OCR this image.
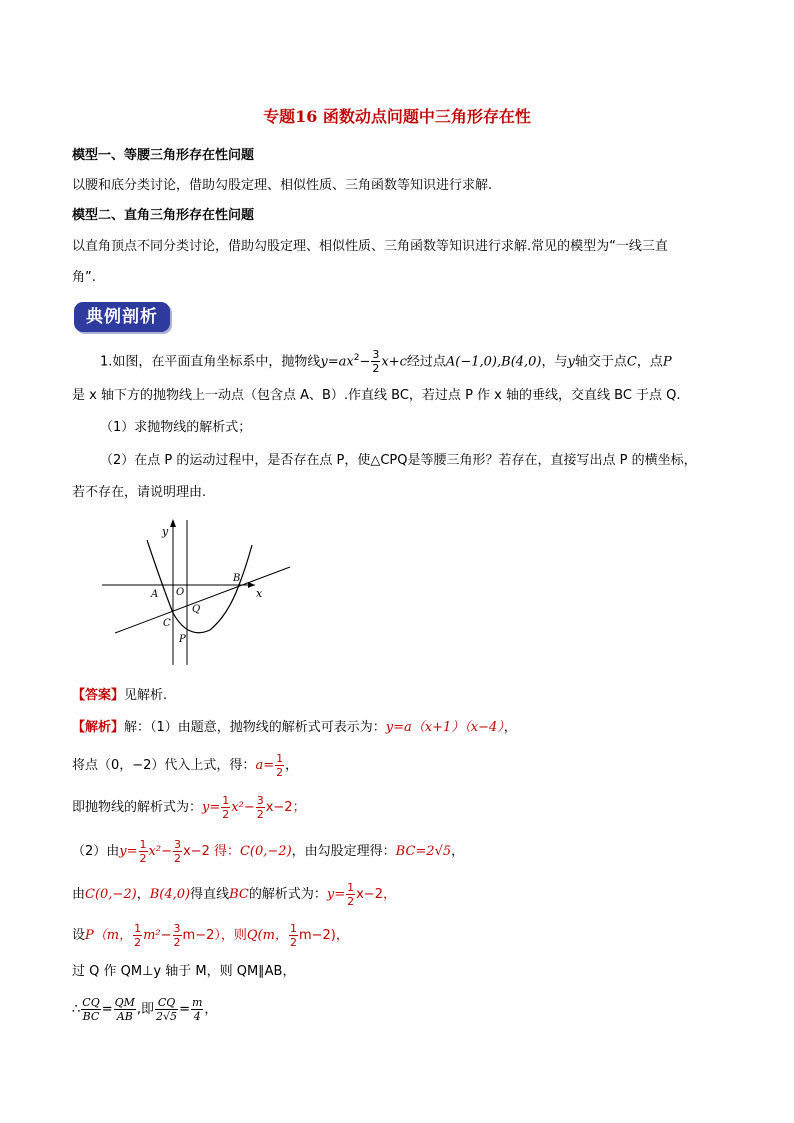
专题16 函数动点问题中三角形存在性
模型一、等腰三角形存在性问题
以腰和底分类讨论，借助勾股定理、相似性质、三角函数等知识进行求解.
模型二、直角三角形存在性问题
以直角顶点不同分类讨论，借助勾股定理、相似性质、三角函数等知识进行求解.常见的模型为“一线三直
角”.
典例剖析
1.如图，在平面直角坐标系中，抛物线$y=ax^2- \frac{3}{2} x+c$经过点A(−1,0),B(4,0)，与y轴交于点C，点P
是 x 轴下方的抛物线上一动点（包含点 A、B）.作直线 BC，若过点 P 作 x 轴的垂线，交直线 BC 于点 Q.
（1）求抛物线的解析式；
（2）在点 P 的运动过程中，是否存在点 P，使△CPQ是等腰三角形？若存在，直接写出点 P 的横坐标，
若不存在，请说明理由.
y
x
O
A
B
C
P
Q
【答案】见解析.
【解析】解：（1）由题意，抛物线的解析式可表示为：y=a（x+1）（x−4），
将点（0，−2）代入上式，得：$a= \frac{1}{2}$ ，
即抛物线的解析式为：$y= \frac{1}{2} x^2- \frac{3}{2} x-2$；
（2）由$y= \frac{1}{2} x^2- \frac{3}{2} x-2$ 得：C(0,−2)，由勾股定理得：BC=2√5，
由C(0,−2)，B(4,0)得直线BC的解析式为：$y= \frac{1}{2} x-2$，
设P（m， $\frac{1}{2} m^2- \frac{3}{2} m-2$），则Q(m， $\frac{1}{2} m-2$)，
过 Q 作 QM⊥y 轴于 M，则 QM∥AB，
∴ $\frac{CQ}{BC} = \frac{QM}{AB}$ ,即 $\frac{CQ}{2√5} = \frac{m}{4}$ ，
